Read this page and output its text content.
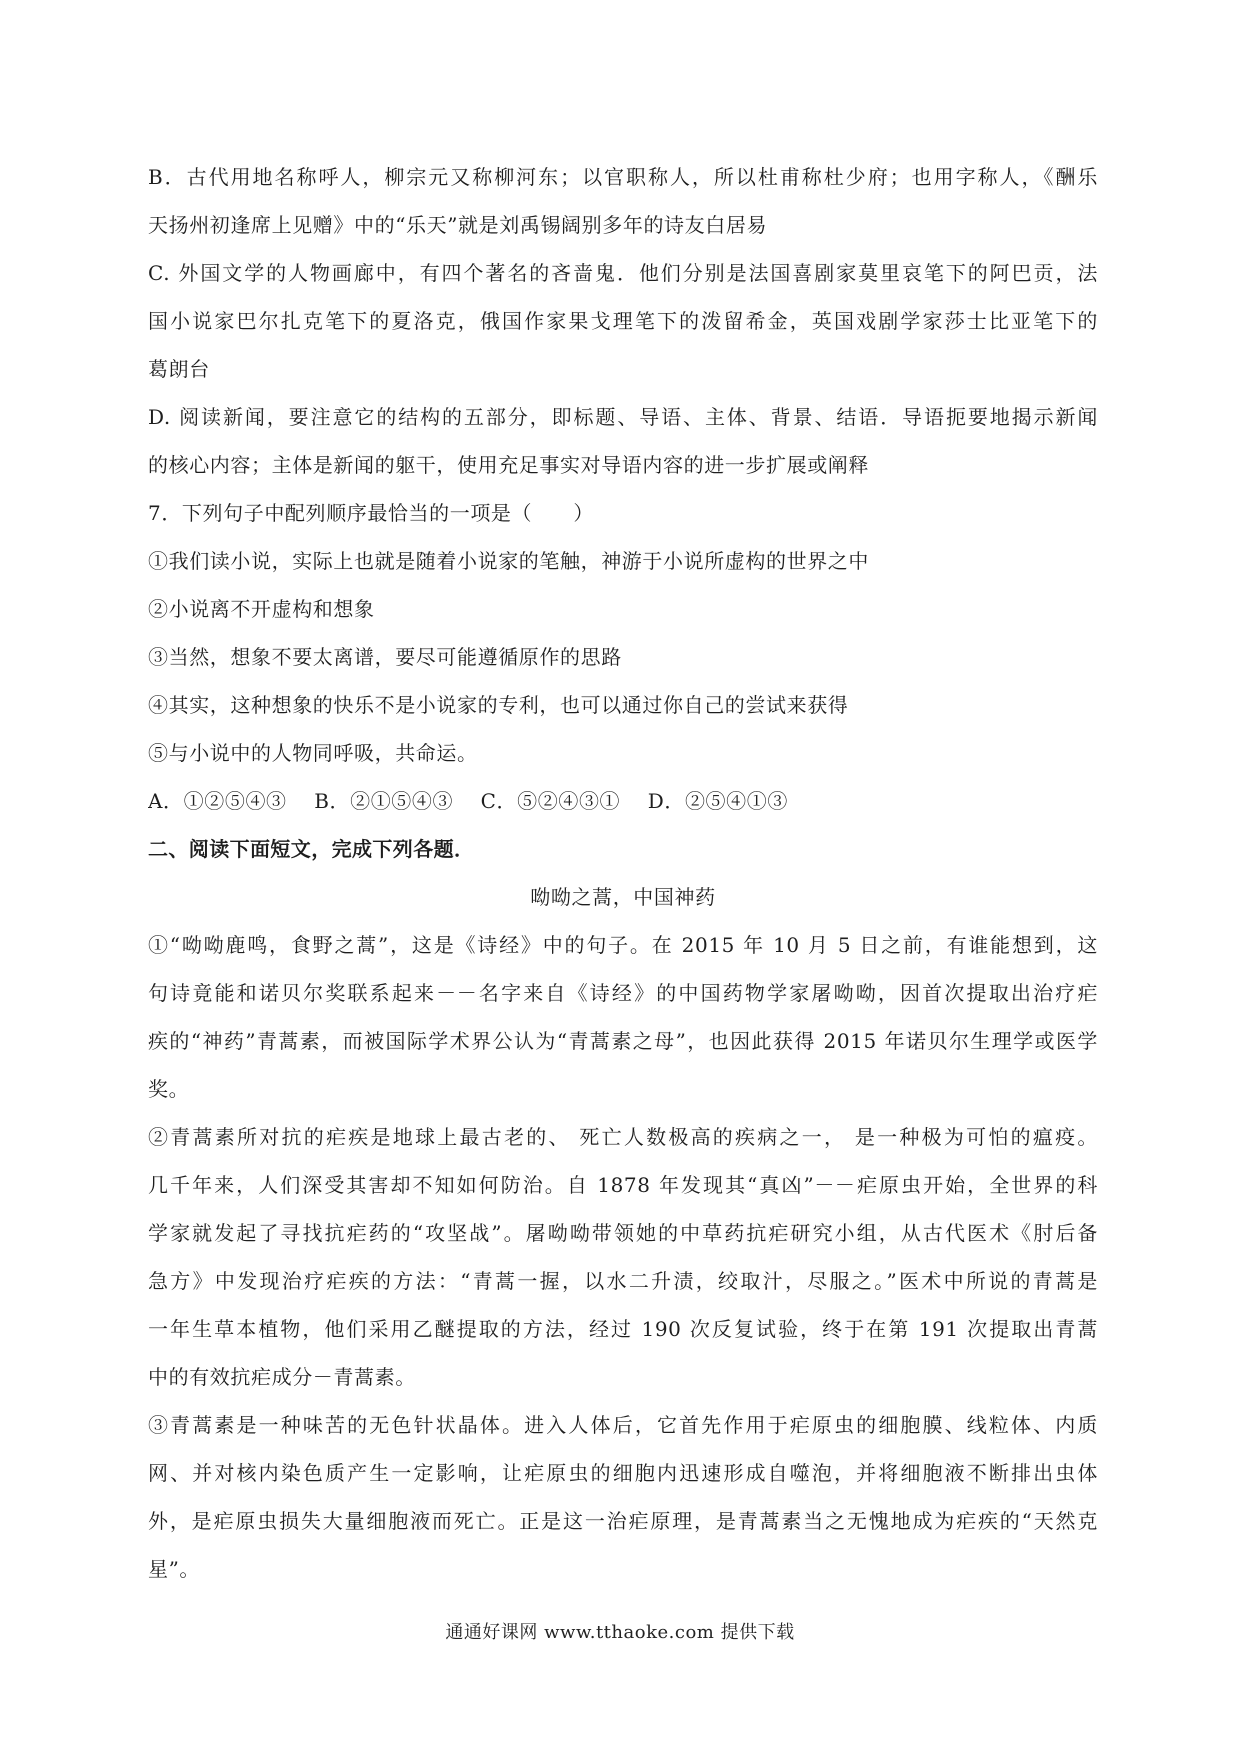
B．古代用地名称呼人，柳宗元又称柳河东；以官职称人，所以杜甫称杜少府；也用字称人，《酬乐
天扬州初逢席上见赠》中的“乐天”就是刘禹锡阔别多年的诗友白居易
C. 外国文学的人物画廊中，有四个著名的吝啬鬼．他们分别是法国喜剧家莫里哀笔下的阿巴贡，法
国小说家巴尔扎克笔下的夏洛克，俄国作家果戈理笔下的泼留希金，英国戏剧学家莎士比亚笔下的
葛朗台
D. 阅读新闻，要注意它的结构的五部分，即标题、导语、主体、背景、结语．导语扼要地揭示新闻
的核心内容；主体是新闻的躯干，使用充足事实对导语内容的进一步扩展或阐释
7．下列句子中配列顺序最恰当的一项是（　　）
①我们读小说，实际上也就是随着小说家的笔触，神游于小说所虚构的世界之中
②小说离不开虚构和想象
③当然，想象不要太离谱，要尽可能遵循原作的思路
④其实，这种想象的快乐不是小说家的专利，也可以通过你自己的尝试来获得
⑤与小说中的人物同呼吸，共命运。
A．①②⑤④③　 B．②①⑤④③　 C．⑤②④③①　 D．②⑤④①③
二、阅读下面短文，完成下列各题．
呦呦之蒿，中国神药
①“呦呦鹿鸣，食野之蒿”，这是《诗经》中的句子。在 2015 年 10 月 5 日之前，有谁能想到，这
句诗竟能和诺贝尔奖联系起来－－名字来自《诗经》的中国药物学家屠呦呦，因首次提取出治疗疟
疾的“神药”青蒿素，而被国际学术界公认为“青蒿素之母”，也因此获得 2015 年诺贝尔生理学或医学
奖。
②青蒿素所对抗的疟疾是地球上最古老的、 死亡人数极高的疾病之一， 是一种极为可怕的瘟疫。
几千年来，人们深受其害却不知如何防治。自 1878 年发现其“真凶”－－疟原虫开始，全世界的科
学家就发起了寻找抗疟药的“攻坚战”。屠呦呦带领她的中草药抗疟研究小组，从古代医术《肘后备
急方》中发现治疗疟疾的方法：“青蒿一握，以水二升渍，绞取汁，尽服之。”医术中所说的青蒿是
一年生草本植物，他们采用乙醚提取的方法，经过 190 次反复试验，终于在第 191 次提取出青蒿
中的有效抗疟成分－青蒿素。
③青蒿素是一种味苦的无色针状晶体。进入人体后，它首先作用于疟原虫的细胞膜、线粒体、内质
网、并对核内染色质产生一定影响，让疟原虫的细胞内迅速形成自噬泡，并将细胞液不断排出虫体
外，是疟原虫损失大量细胞液而死亡。正是这一治疟原理，是青蒿素当之无愧地成为疟疾的“天然克
星”。
通通好课网 www.tthaoke.com 提供下载
